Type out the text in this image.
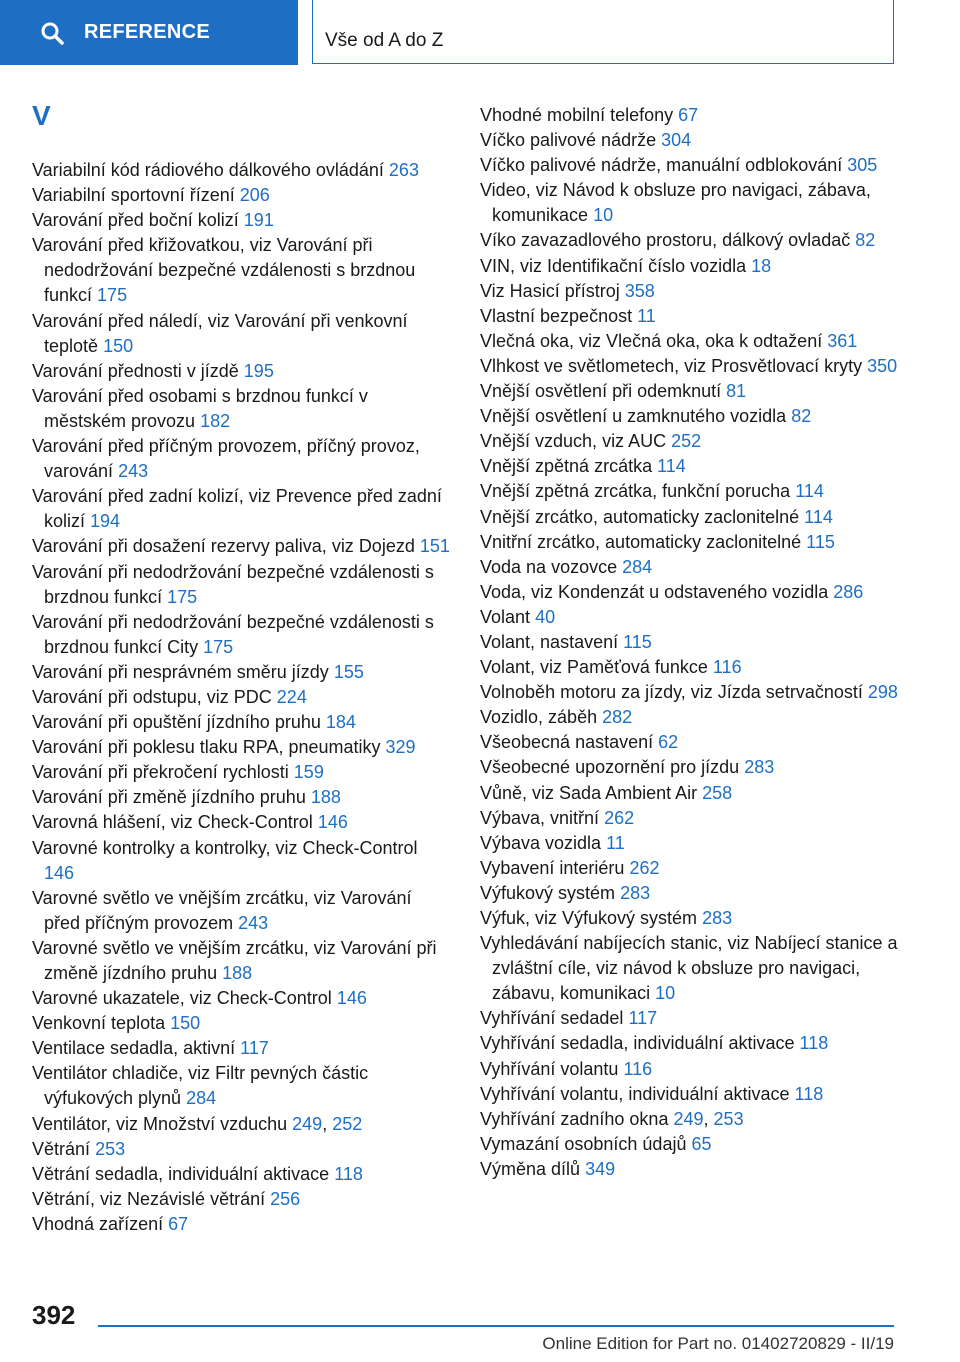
REFERENCE	Vše od A do Z
V
Variabilní kód rádiového dálkového ovládání 263
Variabilní sportovní řízení 206
Varování před boční kolizí 191
Varování před křižovatkou, viz Varování při nedodržování bezpečné vzdálenosti s brzdnou funkcí 175
Varování před náledí, viz Varování při venkovní teplotě 150
Varování přednosti v jízdě 195
Varování před osobami s brzdnou funkcí v městském provozu 182
Varování před příčným provozem, příčný provoz, varování 243
Varování před zadní kolizí, viz Prevence před zadní kolizí 194
Varování při dosažení rezervy paliva, viz Dojezd 151
Varování při nedodržování bezpečné vzdálenosti s brzdnou funkcí 175
Varování při nedodržování bezpečné vzdálenosti s brzdnou funkcí City 175
Varování při nesprávném směru jízdy 155
Varování při odstupu, viz PDC 224
Varování při opuštění jízdního pruhu 184
Varování při poklesu tlaku RPA, pneumatiky 329
Varování při překročení rychlosti 159
Varování při změně jízdního pruhu 188
Varovná hlášení, viz Check-Control 146
Varovné kontrolky a kontrolky, viz Check-Control 146
Varovné světlo ve vnějším zrcátku, viz Varování před příčným provozem 243
Varovné světlo ve vnějším zrcátku, viz Varování při změně jízdního pruhu 188
Varovné ukazatele, viz Check-Control 146
Venkovní teplota 150
Ventilace sedadla, aktivní 117
Ventilátor chladiče, viz Filtr pevných částic výfukových plynů 284
Ventilátor, viz Množství vzduchu 249, 252
Větrání 253
Větrání sedadla, individuální aktivace 118
Větrání, viz Nezávislé větrání 256
Vhodná zařízení 67
Vhodné mobilní telefony 67
Víčko palivové nádrže 304
Víčko palivové nádrže, manuální odblokování 305
Video, viz Návod k obsluze pro navigaci, zábava, komunikace 10
Víko zavazadlového prostoru, dálkový ovladač 82
VIN, viz Identifikační číslo vozidla 18
Viz Hasicí přístroj 358
Vlastní bezpečnost 11
Vlečná oka, viz Vlečná oka, oka k odtažení 361
Vlhkost ve světlometech, viz Prosvětlovací kryty 350
Vnější osvětlení při odemknutí 81
Vnější osvětlení u zamknutého vozidla 82
Vnější vzduch, viz AUC 252
Vnější zpětná zrcátka 114
Vnější zpětná zrcátka, funkční porucha 114
Vnější zrcátko, automaticky zaclonitelné 114
Vnitřní zrcátko, automaticky zaclonitelné 115
Voda na vozovce 284
Voda, viz Kondenzát u odstaveného vozidla 286
Volant 40
Volant, nastavení 115
Volant, viz Paměťová funkce 116
Volnoběh motoru za jízdy, viz Jízda setrvačností 298
Vozidlo, záběh 282
Všeobecná nastavení 62
Všeobecné upozornění pro jízdu 283
Vůně, viz Sada Ambient Air 258
Výbava, vnitřní 262
Výbava vozidla 11
Vybavení interiéru 262
Výfukový systém 283
Výfuk, viz Výfukový systém 283
Vyhledávání nabíjecích stanic, viz Nabíjecí stanice a zvláštní cíle, viz návod k obsluze pro navigaci, zábavu, komunikaci 10
Vyhřívání sedadel 117
Vyhřívání sedadla, individuální aktivace 118
Vyhřívání volantu 116
Vyhřívání volantu, individuální aktivace 118
Vyhřívání zadního okna 249, 253
Vymazání osobních údajů 65
Výměna dílů 349
392
Online Edition for Part no. 01402720829 - II/19
